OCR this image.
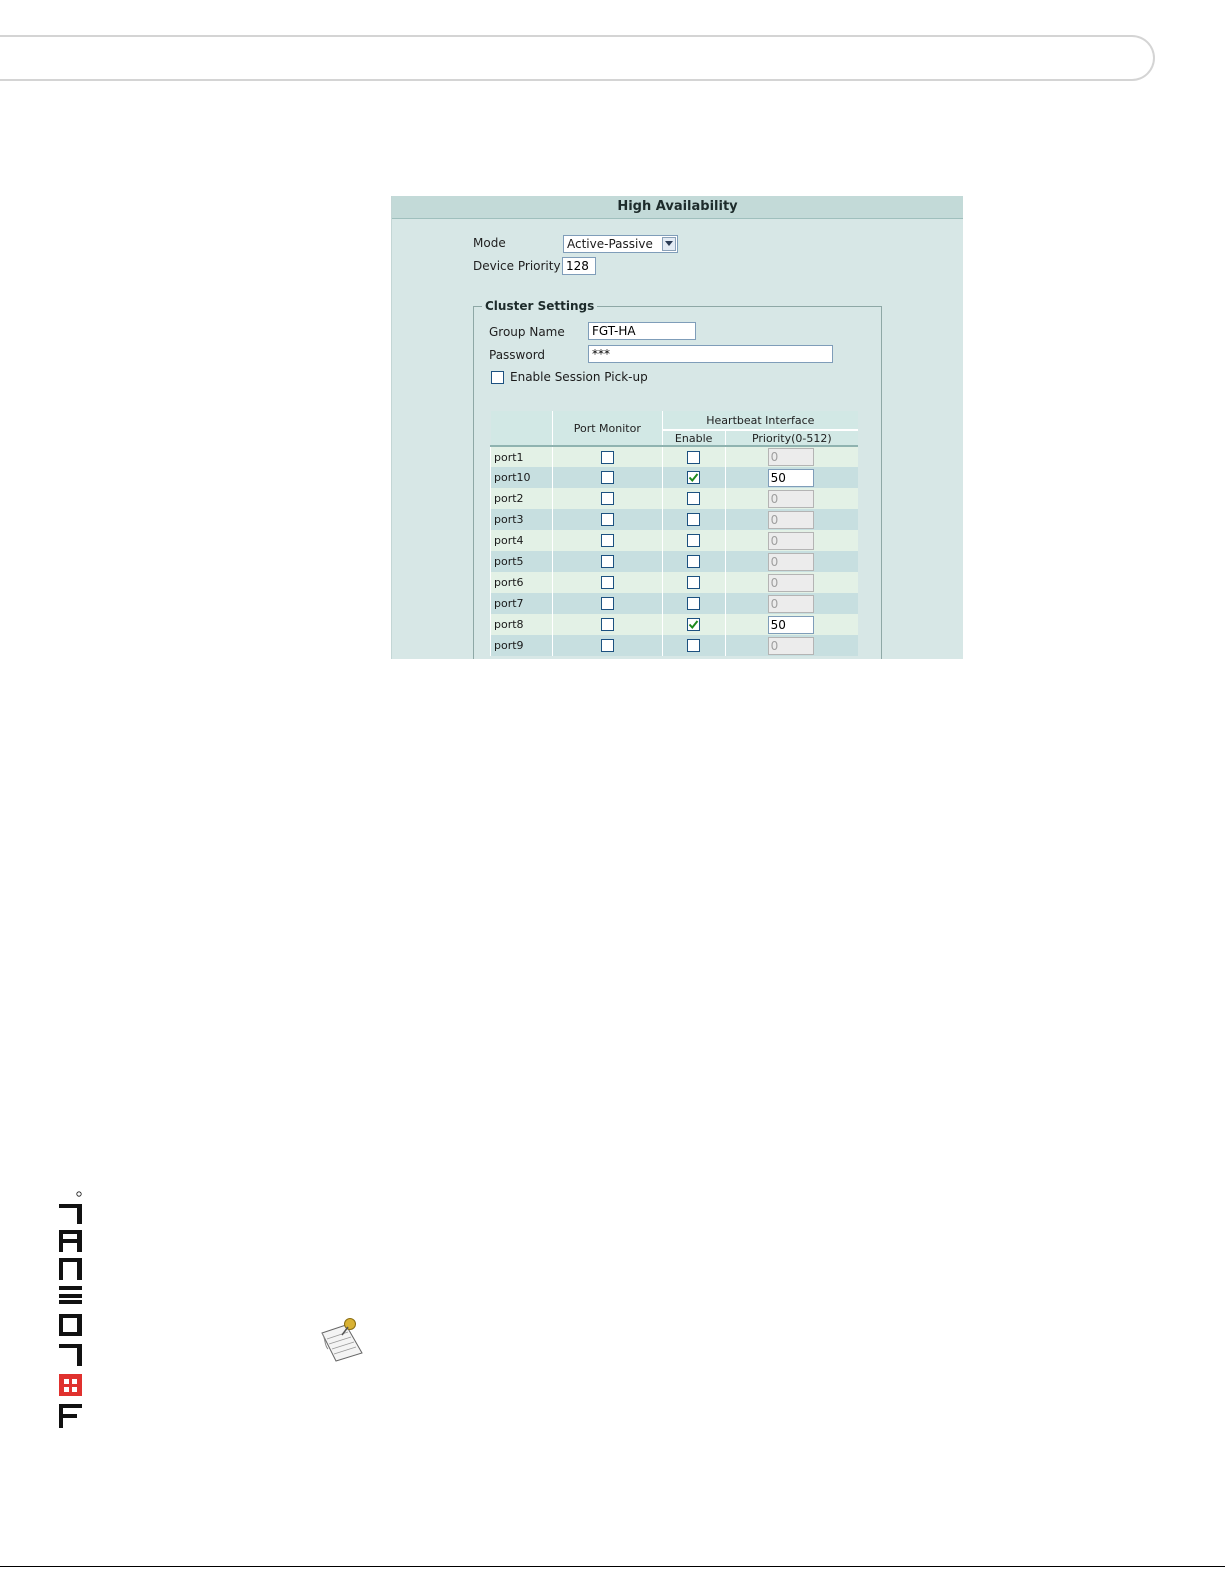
High Availability
Mode	Active-Passive
Device Priority 128
Cluster Settings
Group Name	FGT-HA
Password	***
Enable Session Pick-up
	Port Monitor	Heartbeat Interface	
		Enable	Priority(0-512)
port1			0
port10			50
port2			0
port3			0
port4			0
port5			0
port6			0
port7			0
port8			50
port9			0
